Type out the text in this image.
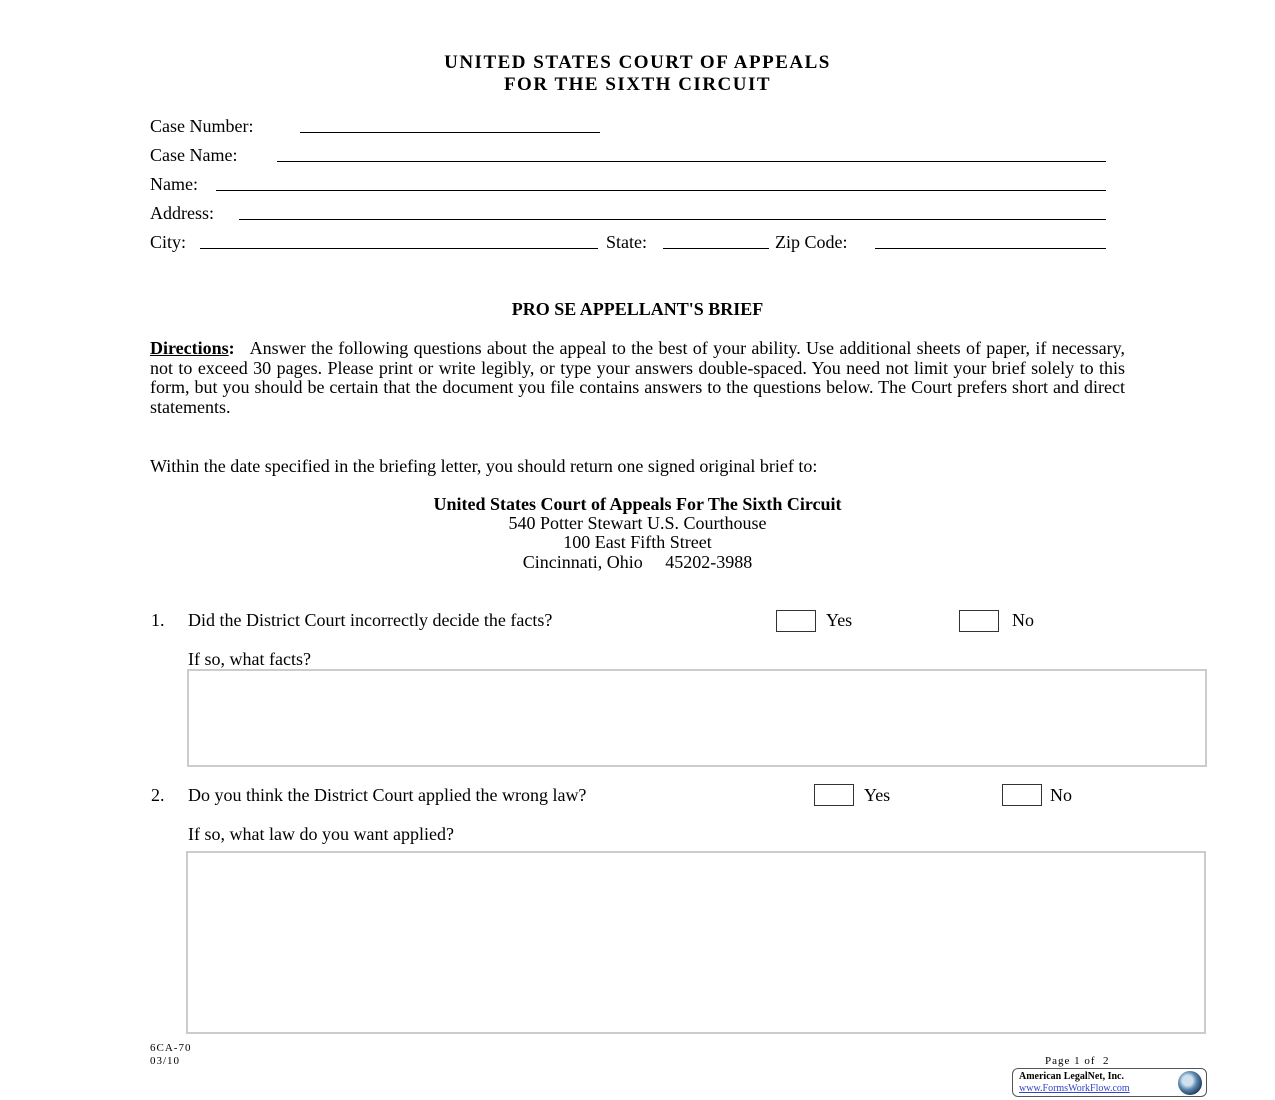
UNITED STATES COURT OF APPEALS
FOR THE SIXTH CIRCUIT
Case Number:
Case Name:
Name:
Address:
City:	State:	Zip Code:
PRO SE APPELLANT'S BRIEF
Directions: Answer the following questions about the appeal to the best of your ability. Use additional sheets of paper, if necessary, not to exceed 30 pages. Please print or write legibly, or type your answers double-spaced. You need not limit your brief solely to this form, but you should be certain that the document you file contains answers to the questions below. The Court prefers short and direct statements.
Within the date specified in the briefing letter, you should return one signed original brief to:
United States Court of Appeals For The Sixth Circuit
540 Potter Stewart U.S. Courthouse
100 East Fifth Street
Cincinnati, Ohio     45202-3988
1. Did the District Court incorrectly decide the facts?	Yes	No
If so, what facts?
2. Do you think the District Court applied the wrong law?	Yes	No
If so, what law do you want applied?
6CA-70
03/10	Page 1 of  2
American LegalNet, Inc.
www.FormsWorkFlow.com
